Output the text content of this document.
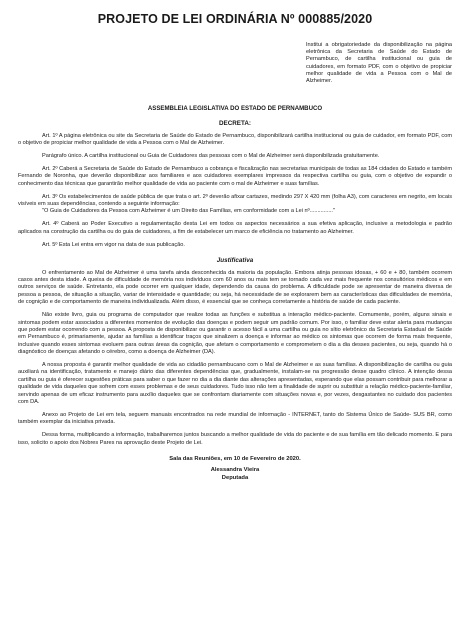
PROJETO DE LEI ORDINÁRIA Nº 000885/2020
Institui a obrigatoriedade da disponibilização na página eletrônica da Secretaria de Saúde do Estado de Pernambuco, de cartilha institucional ou guia de cuidadores, em formato PDF, com o objetivo de propiciar melhor qualidade de vida a Pessoa com o Mal de Alzheimer.
ASSEMBLEIA LEGISLATIVA DO ESTADO DE PERNAMBUCO
DECRETA:

Art. 1º A página eletrônica ou site da Secretaria de Saúde do Estado de Pernambuco, disponibilizará cartilha institucional ou guia de cuidador, em formato PDF, com o objetivo de propiciar melhor qualidade de vida a Pessoa com o Mal de Alzheimer.

Parágrafo único. A cartilha institucional ou Guia de Cuidadores das pessoas com o Mal de Alzheimer será disponibilizada gratuitamente.

Art. 2º Caberá a Secretaria de Saúde do Estado de Pernambuco a cobrança e fiscalização nas secretarias municipais de todas as 184 cidades do Estado e também Fernando de Noronha, que deverão disponibilizar aos familiares e aos cuidadores exemplares impressos da respectiva cartilha ou guia, com o objetivo de expandir o conhecimento das técnicas que garantirão melhor qualidade de vida ao paciente com o mal de Alzheimer e suas famílias.

Art. 3º Os estabelecimentos de saúde pública de que trata o art. 2º deverão afixar cartazes, medindo 297 X 420 mm (folha A3), com caracteres em negrito, em locais visíveis em suas dependências, contendo a seguinte informação:

"O Guia de Cuidadores da Pessoa com Alzheimer é um Direito das Famílias, em conformidade com a Lei nº..............."

Art. 4º Caberá ao Poder Executivo a regulamentação desta Lei em todos os aspectos necessários a sua efetiva aplicação, inclusive a metodologia e padrão aplicados na construção da cartilha ou do guia de cuidadores, a fim de estabelecer um marco de eficiência no tratamento ao Alzheimer.

Art. 5º Esta Lei entra em vigor na data de sua publicação.

Justificativa

O enfrentamento ao Mal de Alzheimer é uma tarefa ainda desconhecida da maioria da população. Embora atinja pessoas idosas, + 60 e + 80, também ocorrem casos antes desta idade. A queixa de dificuldade de memória nos indivíduos com 60 anos ou mais tem se tornado cada vez mais frequente nos consultórios médicos e em outros serviços de saúde. Entretanto, ela pode ocorrer em qualquer idade, dependendo da causa do problema. A dificuldade pode se apresentar de maneira diversa de pessoa a pessoa, de situação a situação, variar de intensidade e quantidade; ou seja, há necessidade de se explorarem bem as características das dificuldades de memória, de cognição e de comportamento de maneira individualizada. Além disso, é essencial que se conheça corretamente a história de saúde de cada paciente.

Não existe livro, guia ou programa de computador que realize todas as funções e substitua a interação médico-paciente. Comumente, porém, alguns sinais e sintomas podem estar associados a diferentes momentos de evolução das doenças e podem seguir um padrão comum. Por isso, o familiar deve estar alerta para mudanças que podem estar ocorrendo com a pessoa. A proposta de disponibilizar ou garantir o acesso fácil a uma cartilha ou guia no sítio eletrônico da Secretaria Estadual de Saúde em Pernambuco é, primariamente, ajudar as famílias a identificar traços que sinalizem a doença e informar ao médico os sintomas que ocorrem de forma mais frequente, inclusive quando esses sintomas evoluem para outras áreas da cognição, que afetam o comportamento e comprometem o dia a dia desses pacientes, ou seja, quando há o diagnóstico de doenças afetando o cérebro, como a doença de Alzheimer (DA).

A nossa proposta é garantir melhor qualidade de vida ao cidadão pernambucano com o Mal de Alzheimer e as suas famílias. A disponibilização de cartilha ou guia auxiliará na identificação, tratamento e manejo diário das diferentes dependências que, gradualmente, instalam-se na progressão desse quadro clínico. A intenção dessa cartilha ou guia é oferecer sugestões práticas para saber o que fazer no dia a dia diante das alterações apresentadas, esperando que elas possam contribuir para melhorar a qualidade de vida daqueles que sofrem com esses problemas e de seus cuidadores. Tudo isso não tem a finalidade de suprir ou substituir a relação médico-paciente-familiar, servindo apenas de um eficaz instrumento para auxílio daqueles que se confrontam diariamente com situações novas e, por vezes, desgastantes no cuidado dos pacientes com DA.

Anexo ao Projeto de Lei em tela, seguem manuais encontrados na rede mundial de informação - INTERNET, tanto do Sistema Único de Saúde- SUS BR, como também exemplar da iniciativa privada.

Dessa forma, multiplicando a informação, trabalharemos juntos buscando a melhor qualidade de vida do paciente e de sua família em tão delicado momento. E para isso, solicito o apoio dos Nobres Pares na aprovação deste Projeto de Lei.

Sala das Reuniões, em 10 de Fevereiro de 2020.
Alessandra Vieira
Deputada
